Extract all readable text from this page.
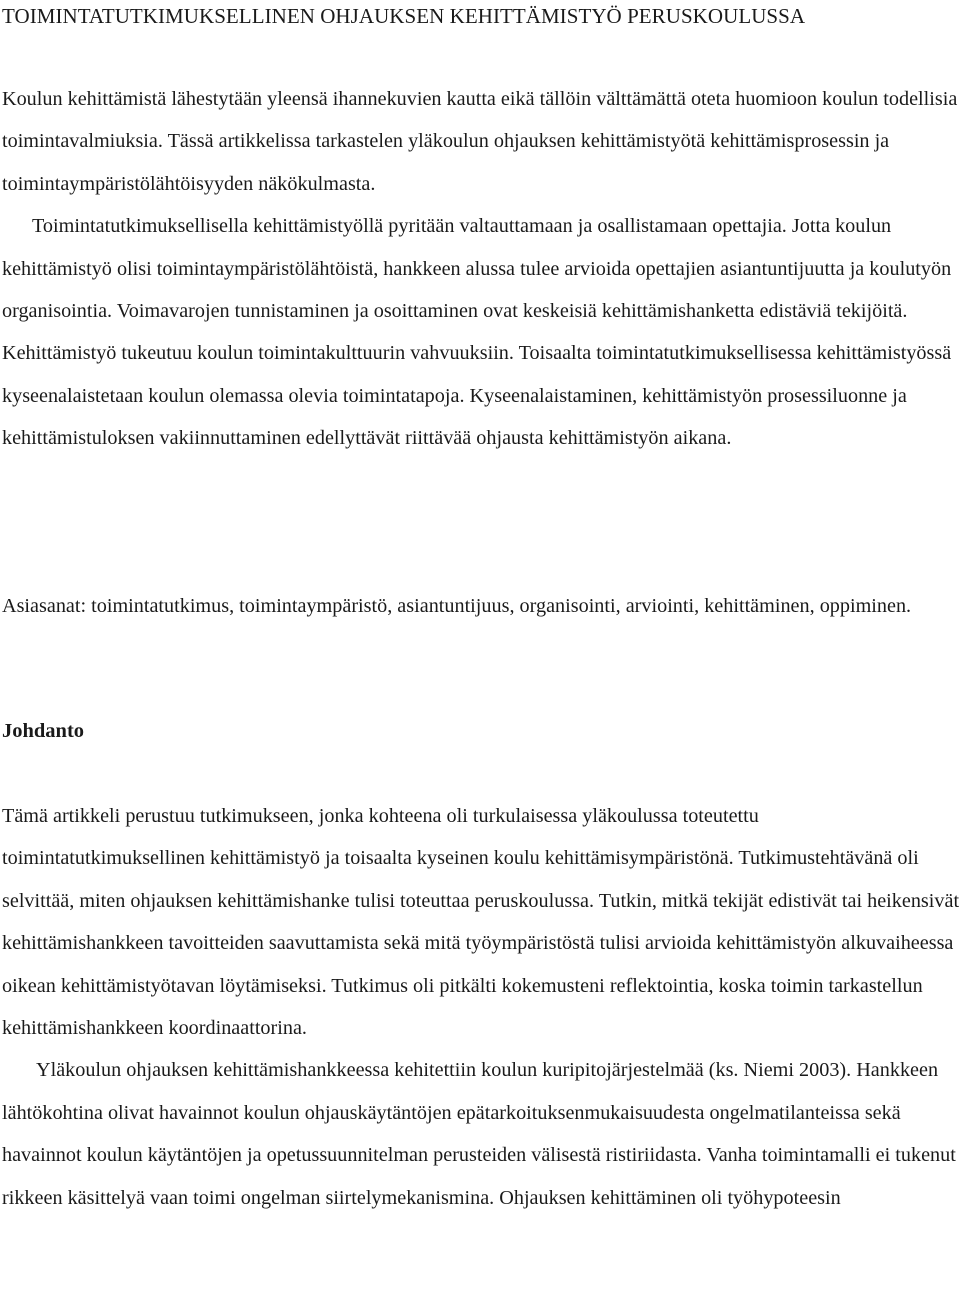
TOIMINTATUTKIMUKSELLINEN OHJAUKSEN KEHITTÄMISTYÖ PERUSKOULUSSA
Koulun kehittämistä lähestytään yleensä ihannekuvien kautta eikä tällöin välttämättä oteta huomioon koulun todellisia toimintavalmiuksia. Tässä artikkelissa tarkastelen yläkoulun ohjauksen kehittämistyötä kehittämisprosessin ja toimintaympäristölähtöisyyden näkökulmasta.
Toimintatutkimuksellisella kehittämistyöllä pyritään valtauttamaan ja osallistamaan opettajia. Jotta koulun kehittämistyö olisi toimintaympäristölähtöistä, hankkeen alussa tulee arvioida opettajien asiantuntijuutta ja koulutyön organisointia. Voimavarojen tunnistaminen ja osoittaminen ovat keskeisiä kehittämishanketta edistäviä tekijöitä. Kehittämistyö tukeutuu koulun toimintakulttuurin vahvuuksiin. Toisaalta toimintatutkimuksellisessa kehittämistyössä kyseenalaistetaan koulun olemassa olevia toimintatapoja. Kyseenalaistaminen, kehittämistyön prosessiluonne ja kehittämistuloksen vakiinnuttaminen edellyttävät riittävää ohjausta kehittämistyön aikana.
Asiasanat: toimintatutkimus, toimintaympäristö, asiantuntijuus, organisointi, arviointi, kehittäminen, oppiminen.
Johdanto

Tämä artikkeli perustuu tutkimukseen, jonka kohteena oli turkulaisessa yläkoulussa toteutettu toimintatutkimuksellinen kehittämistyö ja toisaalta kyseinen koulu kehittämisympäristönä. Tutkimustehtävänä oli selvittää, miten ohjauksen kehittämishanke tulisi toteuttaa peruskoulussa. Tutkin, mitkä tekijät edistivät tai heikensivät kehittämishankkeen tavoitteiden saavuttamista sekä mitä työympäristöstä tulisi arvioida kehittämistyön alkuvaiheessa oikean kehittämistyötavan löytämiseksi. Tutkimus oli pitkälti kokemusteni reflektointia, koska toimin tarkastellun kehittämishankkeen koordinaattorina.

Yläkoulun ohjauksen kehittämishankkeessa kehitettiin koulun kuripitojärjestelmää (ks. Niemi 2003). Hankkeen lähtökohtina olivat havainnot koulun ohjauskäytäntöjen epätarkoituksenmukaisuudesta ongelmatilanteissa sekä havainnot koulun käytäntöjen ja opetussuunnitelman perusteiden välisestä ristiriidasta. Vanha toimintamalli ei tukenut rikkeen käsittelyä vaan toimi ongelman siirtelymekanismina. Ohjauksen kehittäminen oli työhypoteesin
